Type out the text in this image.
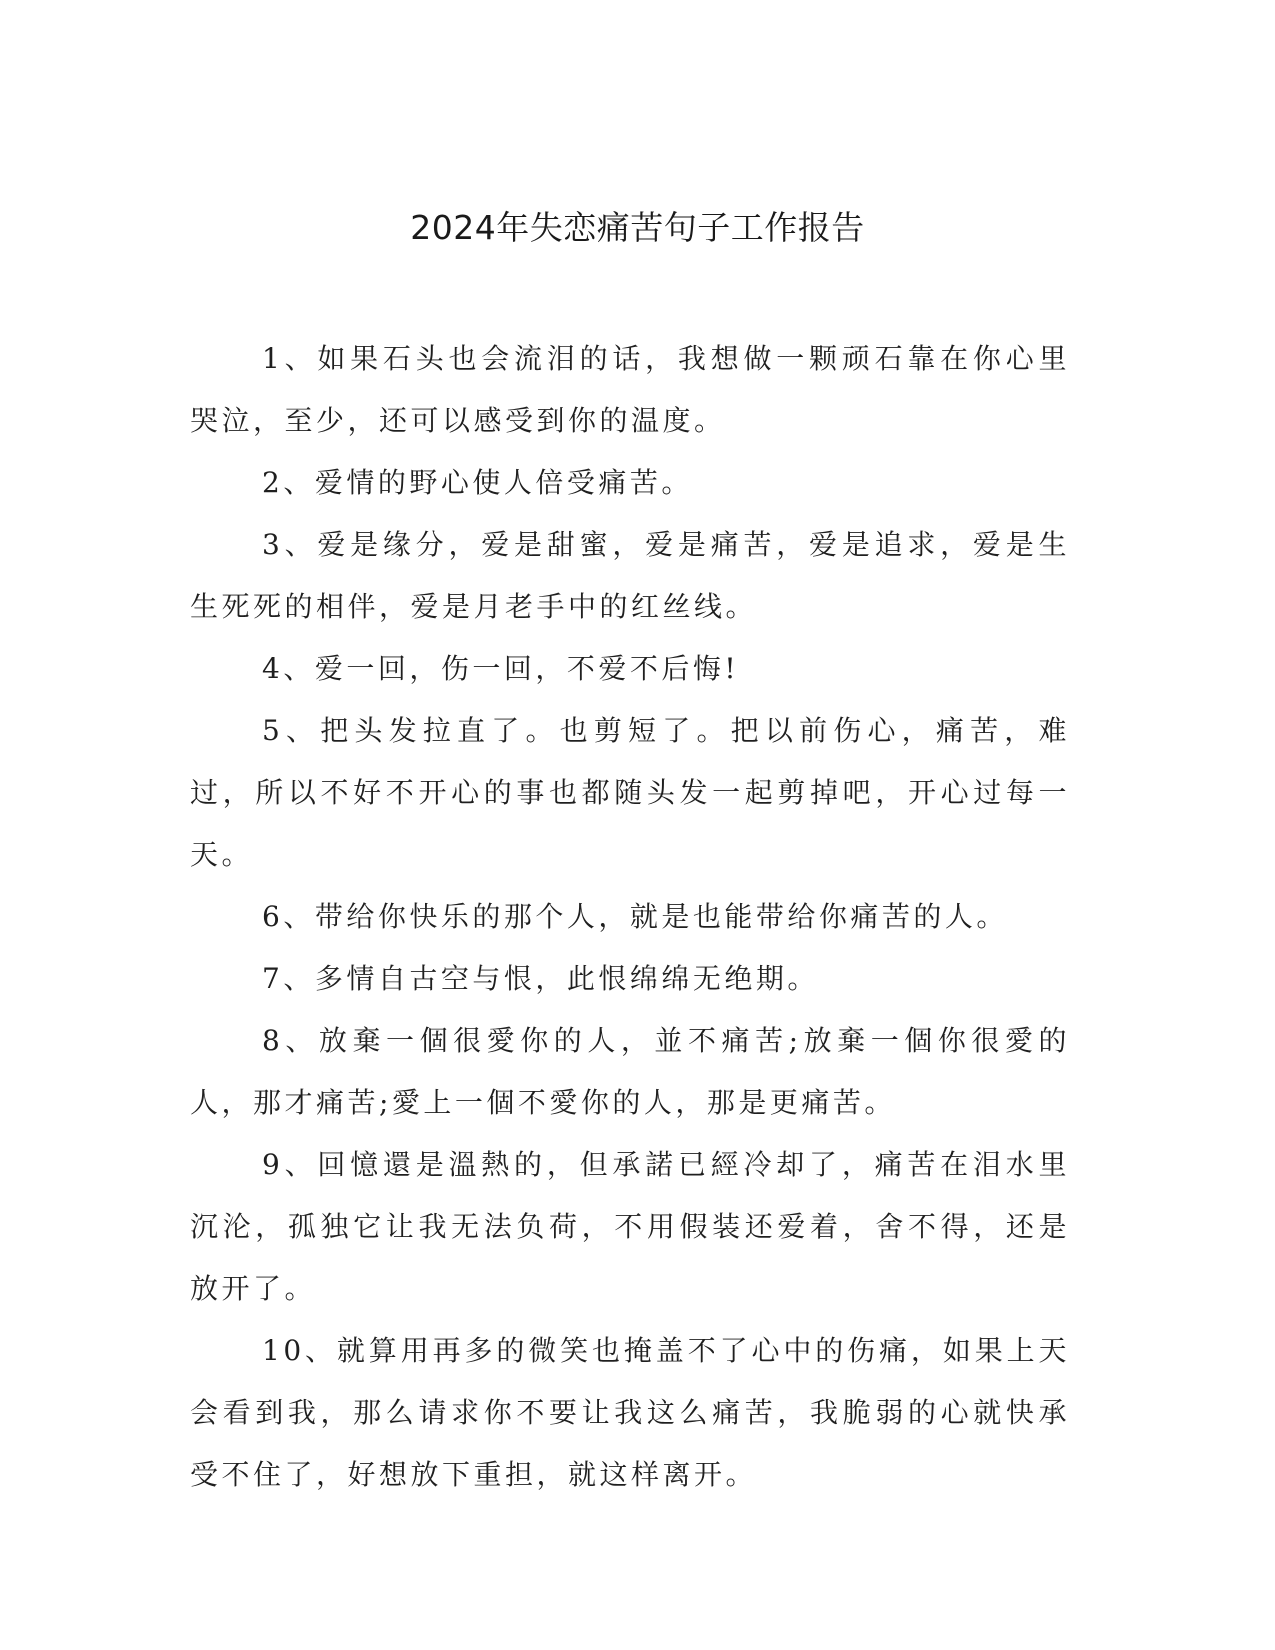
2024年失恋痛苦句子工作报告

1、如果石头也会流泪的话，我想做一颗顽石靠在你心里哭泣，至少，还可以感受到你的温度。

2、爱情的野心使人倍受痛苦。

3、爱是缘分，爱是甜蜜，爱是痛苦，爱是追求，爱是生生死死的相伴，爱是月老手中的红丝线。

4、爱一回，伤一回，不爱不后悔!

5、把头发拉直了。也剪短了。把以前伤心，痛苦，难过，所以不好不开心的事也都随头发一起剪掉吧，开心过每一天。

6、带给你快乐的那个人，就是也能带给你痛苦的人。

7、多情自古空与恨，此恨绵绵无绝期。

8、放棄一個很愛你的人，並不痛苦;放棄一個你很愛的人，那才痛苦;愛上一個不愛你的人，那是更痛苦。

9、回憶還是溫熱的，但承諾已經冷却了，痛苦在泪水里沉沦，孤独它让我无法负荷，不用假装还爱着，舍不得，还是放开了。

10、就算用再多的微笑也掩盖不了心中的伤痛，如果上天会看到我，那么请求你不要让我这么痛苦，我脆弱的心就快承受不住了，好想放下重担，就这样离开。
